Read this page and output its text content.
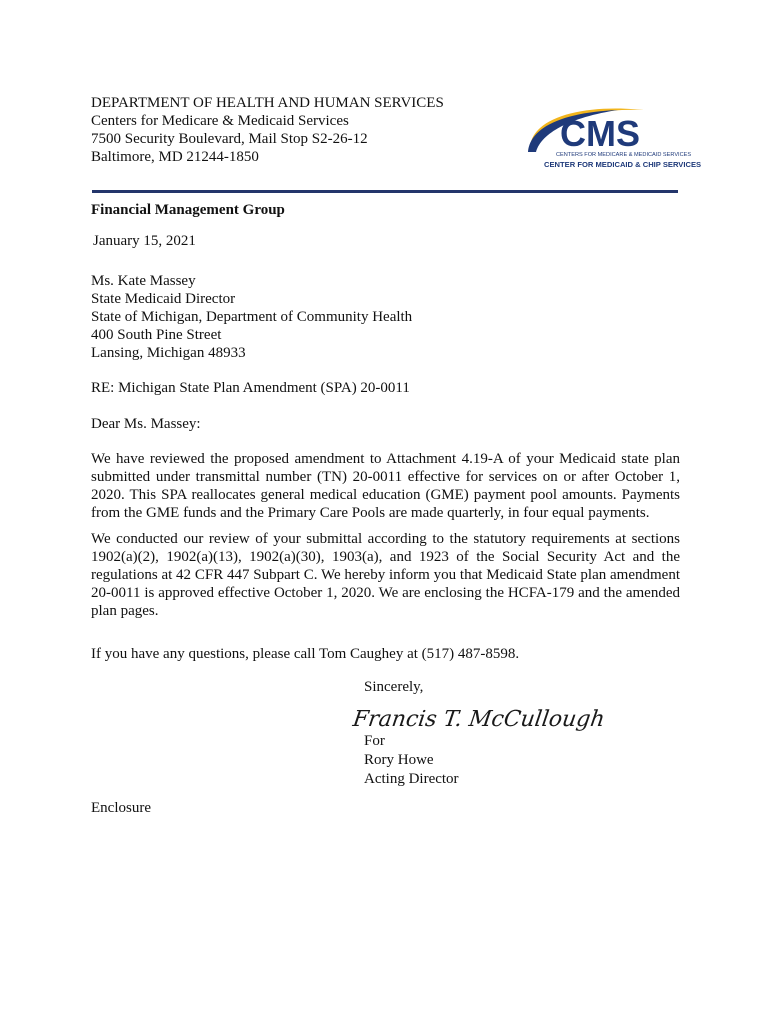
DEPARTMENT OF HEALTH AND HUMAN SERVICES
Centers for Medicare & Medicaid Services
7500 Security Boulevard, Mail Stop S2-26-12
Baltimore, MD 21244-1850
CMS
CENTERS FOR MEDICARE & MEDICAID SERVICES
CENTER FOR MEDICAID & CHIP SERVICES
Financial Management Group
January 15, 2021
Ms. Kate Massey
State Medicaid Director
State of Michigan, Department of Community Health
400 South Pine Street
Lansing, Michigan 48933
RE: Michigan State Plan Amendment (SPA) 20-0011
Dear Ms. Massey:
We have reviewed the proposed amendment to Attachment 4.19-A of your Medicaid state plan submitted under transmittal number (TN) 20-0011 effective for services on or after October 1, 2020. This SPA reallocates general medical education (GME) payment pool amounts. Payments from the GME funds and the Primary Care Pools are made quarterly, in four equal payments.
We conducted our review of your submittal according to the statutory requirements at sections 1902(a)(2), 1902(a)(13), 1902(a)(30), 1903(a), and 1923 of the Social Security Act and the regulations at 42 CFR 447 Subpart C. We hereby inform you that Medicaid State plan amendment 20-0011 is approved effective October 1, 2020. We are enclosing the HCFA-179 and the amended plan pages.
If you have any questions, please call Tom Caughey at (517) 487-8598.
Sincerely,
Francis T. McCullough
For
Rory Howe
Acting Director
Enclosure
